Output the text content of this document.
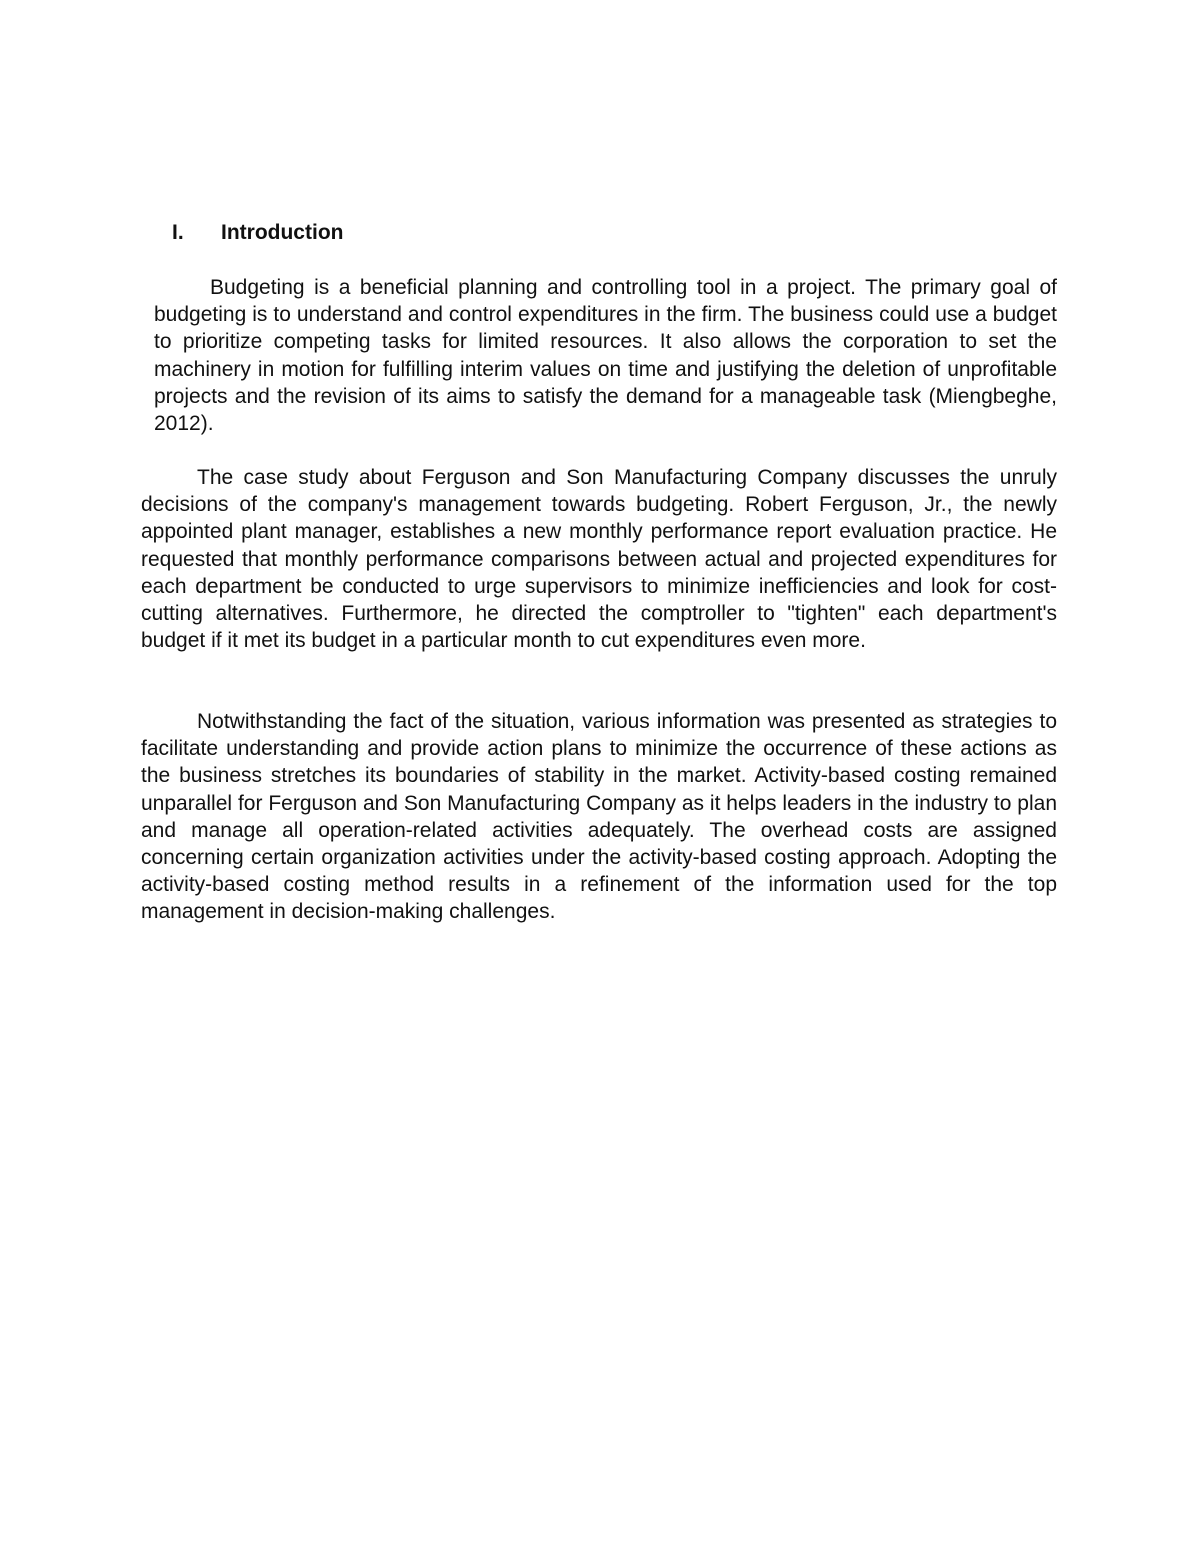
I. Introduction

Budgeting is a beneficial planning and controlling tool in a project. The primary goal of budgeting is to understand and control expenditures in the firm. The business could use a budget to prioritize competing tasks for limited resources. It also allows the corporation to set the machinery in motion for fulfilling interim values on time and justifying the deletion of unprofitable projects and the revision of its aims to satisfy the demand for a manageable task (Miengbeghe, 2012).

The case study about Ferguson and Son Manufacturing Company discusses the unruly decisions of the company's management towards budgeting. Robert Ferguson, Jr., the newly appointed plant manager, establishes a new monthly performance report evaluation practice. He requested that monthly performance comparisons between actual and projected expenditures for each department be conducted to urge supervisors to minimize inefficiencies and look for cost-cutting alternatives. Furthermore, he directed the comptroller to "tighten" each department's budget if it met its budget in a particular month to cut expenditures even more.

Notwithstanding the fact of the situation, various information was presented as strategies to facilitate understanding and provide action plans to minimize the occurrence of these actions as the business stretches its boundaries of stability in the market. Activity-based costing remained unparallel for Ferguson and Son Manufacturing Company as it helps leaders in the industry to plan and manage all operation-related activities adequately. The overhead costs are assigned concerning certain organization activities under the activity-based costing approach. Adopting the activity-based costing method results in a refinement of the information used for the top management in decision-making challenges.
